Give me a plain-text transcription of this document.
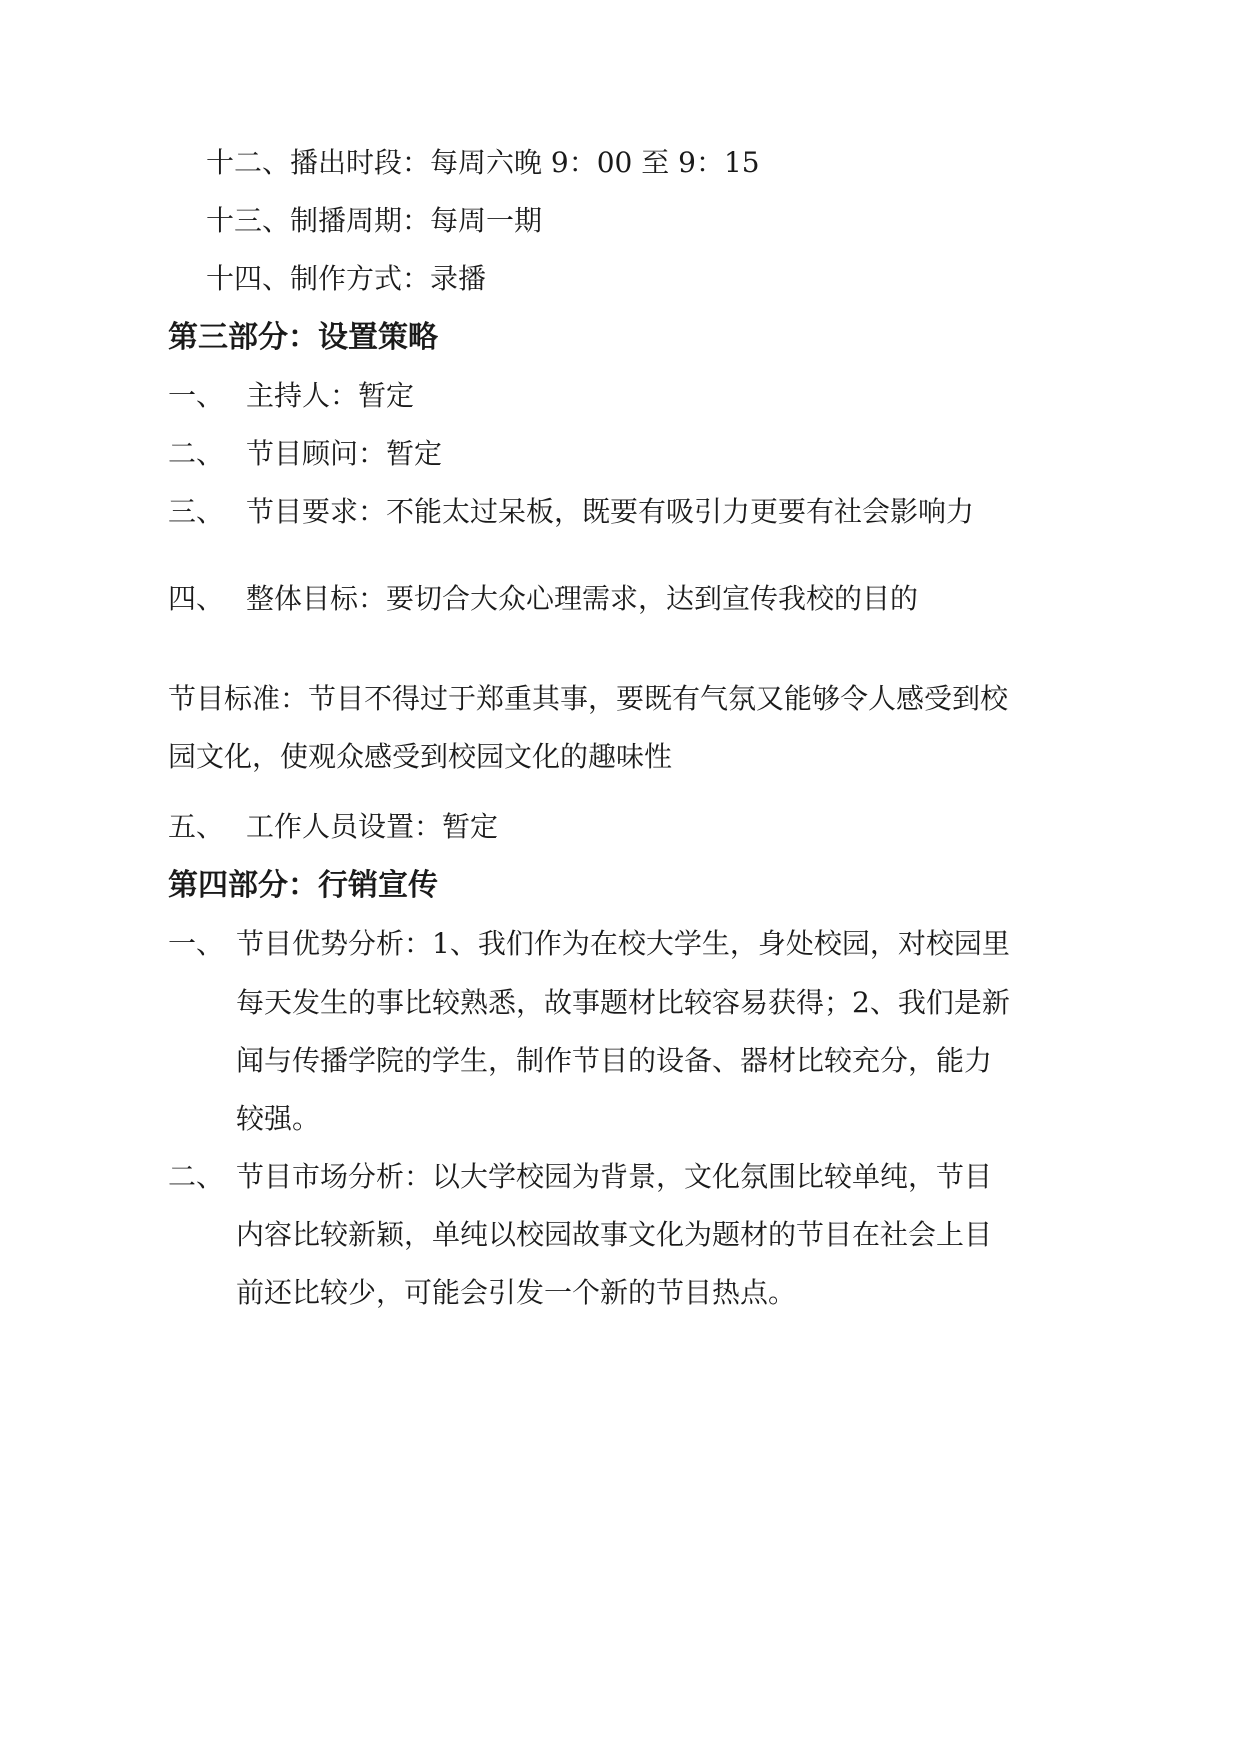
十二、播出时段：每周六晚 9：00 至 9：15

十三、制播周期：每周一期

十四、制作方式：录播

第三部分：设置策略
一、 主持人：暂定
二、 节目顾问：暂定
三、 节目要求：不能太过呆板，既要有吸引力更要有社会影响力
四、 整体目标：要切合大众心理需求，达到宣传我校的目的

节目标准：节目不得过于郑重其事，要既有气氛又能够令人感受到校

园文化，使观众感受到校园文化的趣味性

五、 工作人员设置：暂定
第四部分：行销宣传
一、 节目优势分析：1、我们作为在校大学生，身处校园，对校园里

每天发生的事比较熟悉，故事题材比较容易获得；2、我们是新

闻与传播学院的学生，制作节目的设备、器材比较充分，能力

较强。

二、 节目市场分析：以大学校园为背景，文化氛围比较单纯，节目

内容比较新颖，单纯以校园故事文化为题材的节目在社会上目

前还比较少，可能会引发一个新的节目热点。
